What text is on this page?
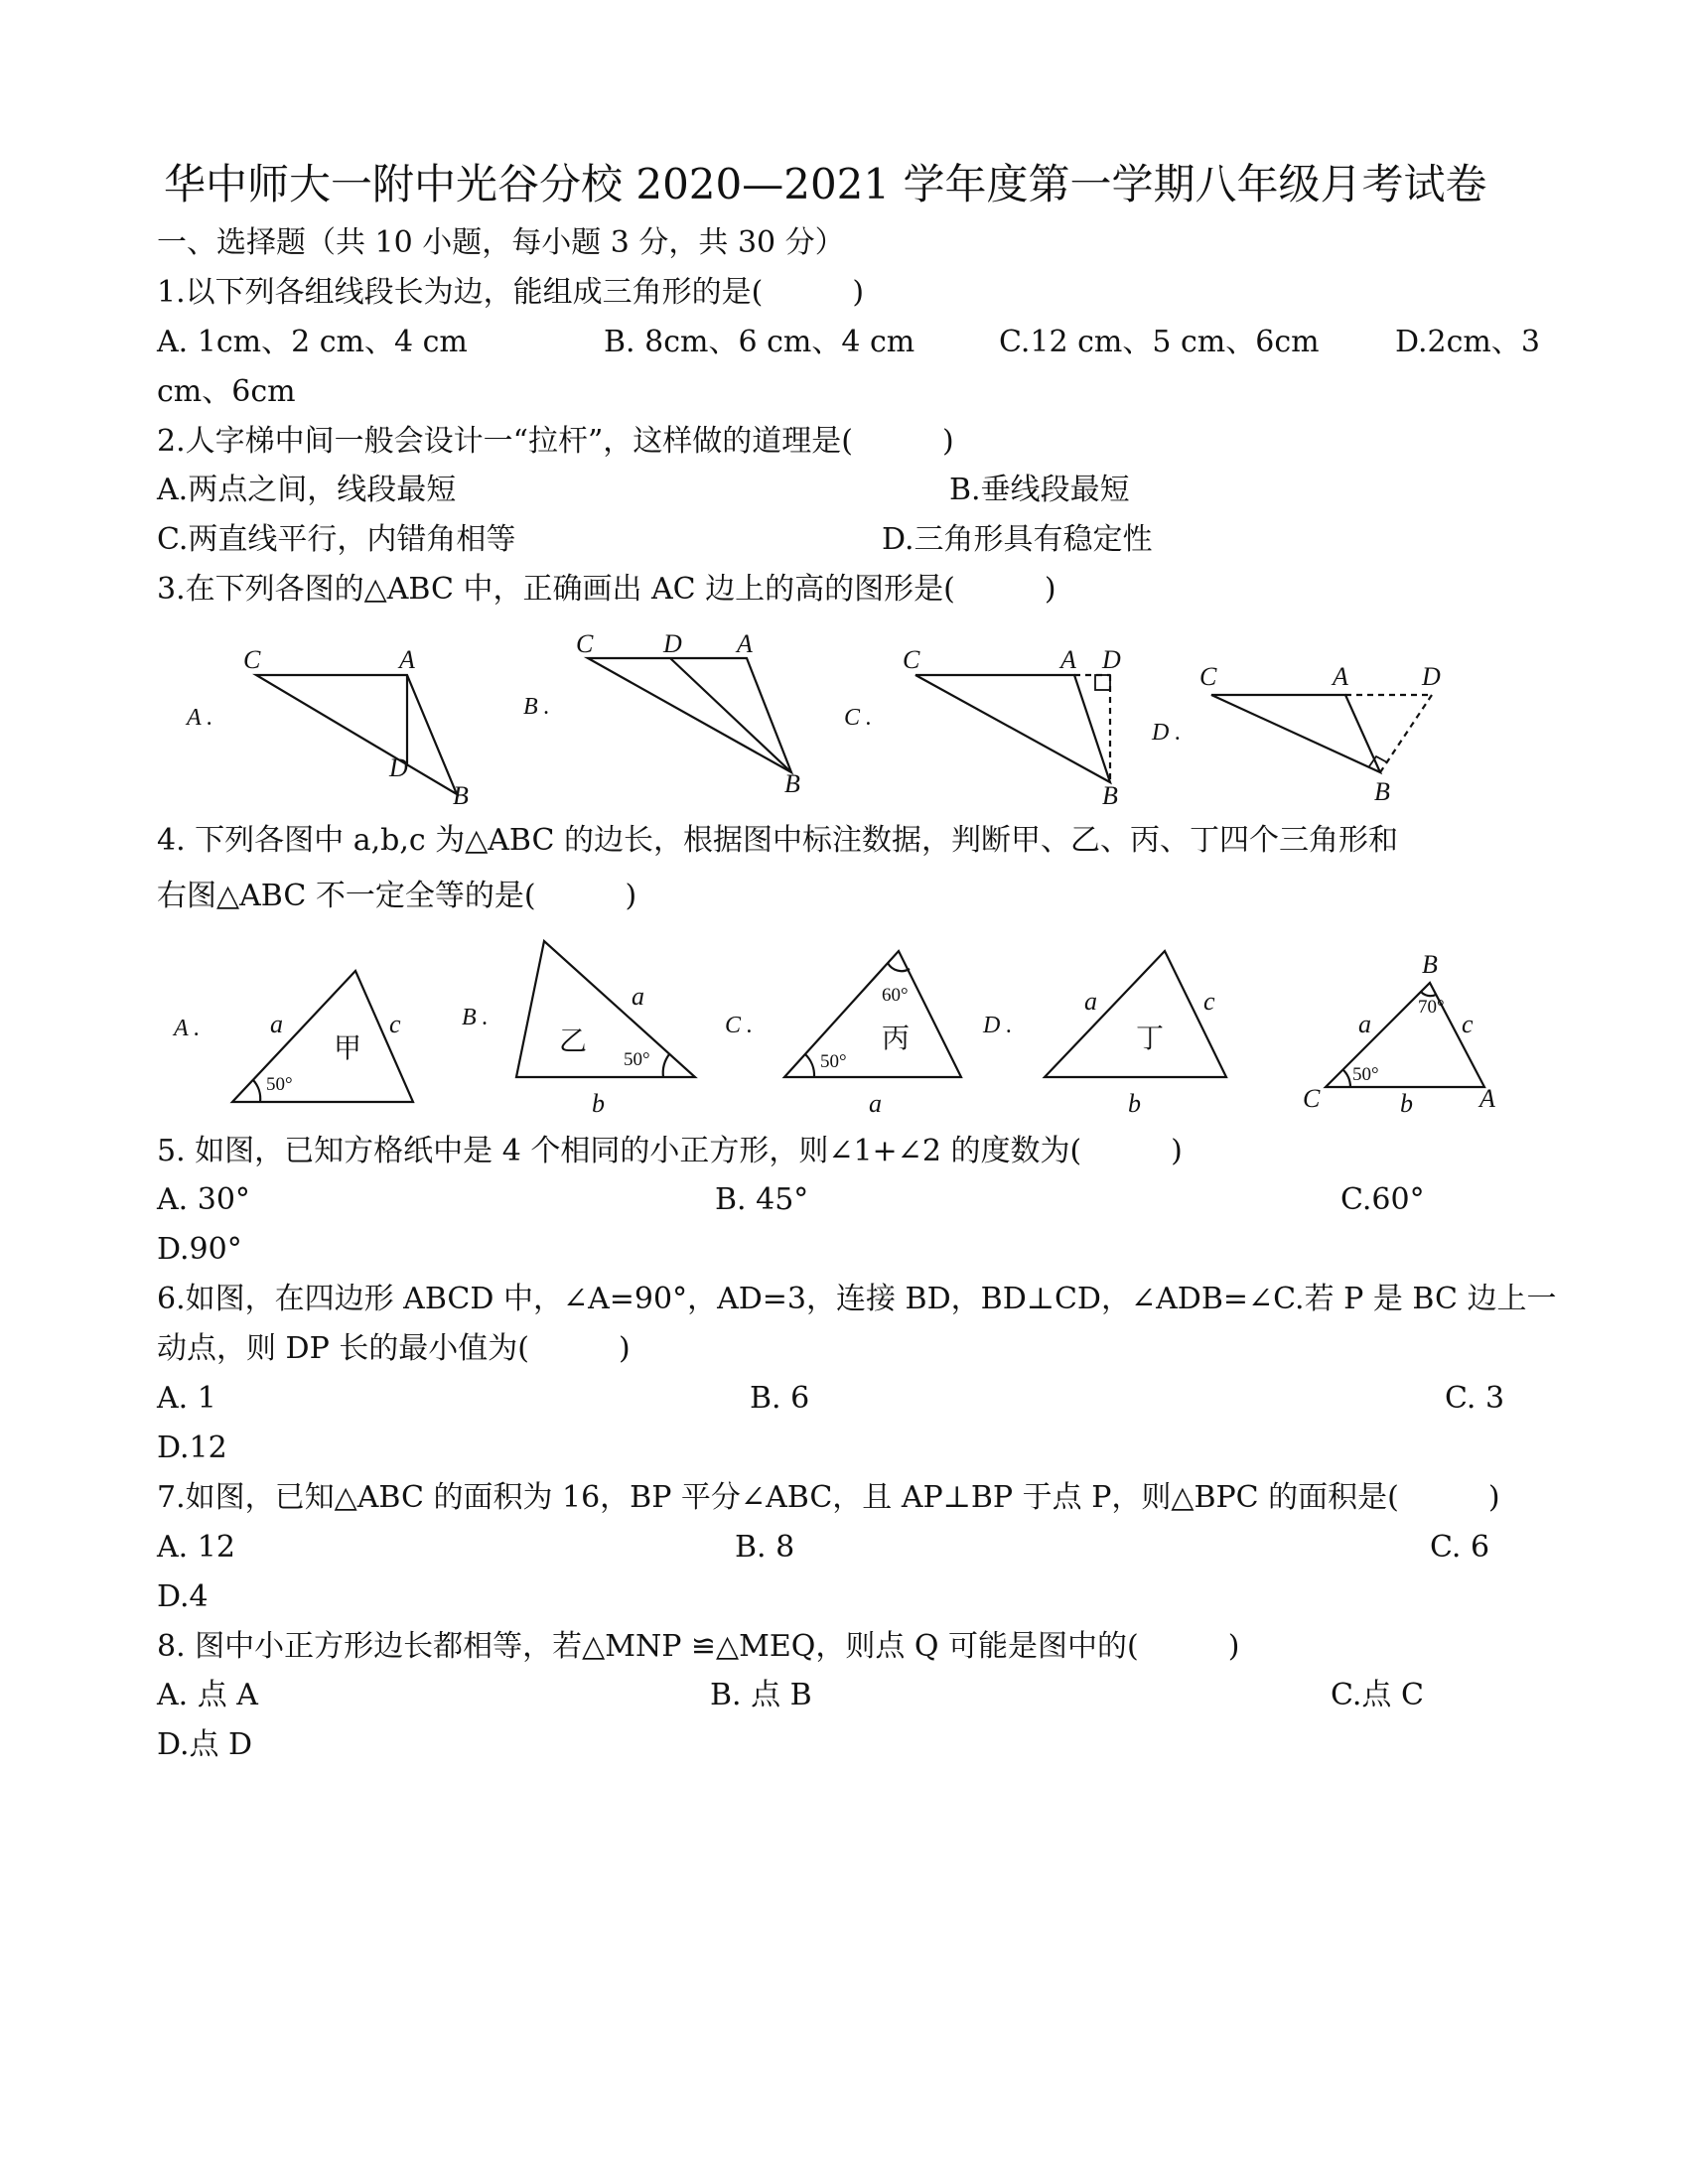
华中师大一附中光谷分校 2020—2021 学年度第一学期八年级月考试卷
一、选择题（共 10 小题，每小题 3 分，共 30 分）
1.以下列各组线段长为边，能组成三角形的是(　　　)
A. 1cm、2 cm、4 cm	B. 8cm、6 cm、4 cm	C.12 cm、5 cm、6cm	D.2cm、3
cm、6cm
2.人字梯中间一般会设计一“拉杆”，这样做的道理是(　　　)
A.两点之间，线段最短	B.垂线段最短
C.两直线平行，内错角相等	D.三角形具有稳定性
3.在下列各图的△ABC 中，正确画出 AC 边上的高的图形是(　　　)
A .
C	A
D
B
B .
C	D A
B
C .
C	A D
B
D .
C	A	D
B
4. 下列各图中 a,b,c 为△ABC 的边长，根据图中标注数据，判断甲、乙、丙、丁四个三角形和
右图△ABC 不一定全等的是(　　　)
A .	a	c
甲
50°
B .
a
乙
50°
b
C .
60°
丙
50°
a
D .
a	c
丁
b
B
a	c
70°
50°
C	b	A
5. 如图，已知方格纸中是 4 个相同的小正方形，则∠1+∠2 的度数为(　　　)
A. 30°	B. 45°	C.60°
D.90°
6.如图，在四边形 ABCD 中，∠A=90°，AD=3，连接 BD，BD⊥CD，∠ADB=∠C.若 P 是 BC 边上一
动点，则 DP 长的最小值为(　　　)
A. 1	B. 6	C. 3
D.12
7.如图，已知△ABC 的面积为 16，BP 平分∠ABC，且 AP⊥BP 于点 P，则△BPC 的面积是(　　　)
A. 12	B. 8	C. 6
D.4
8. 图中小正方形边长都相等，若△MNP ≌△MEQ，则点 Q 可能是图中的(　　　)
A. 点 A	B. 点 B	C.点 C
D.点 D
